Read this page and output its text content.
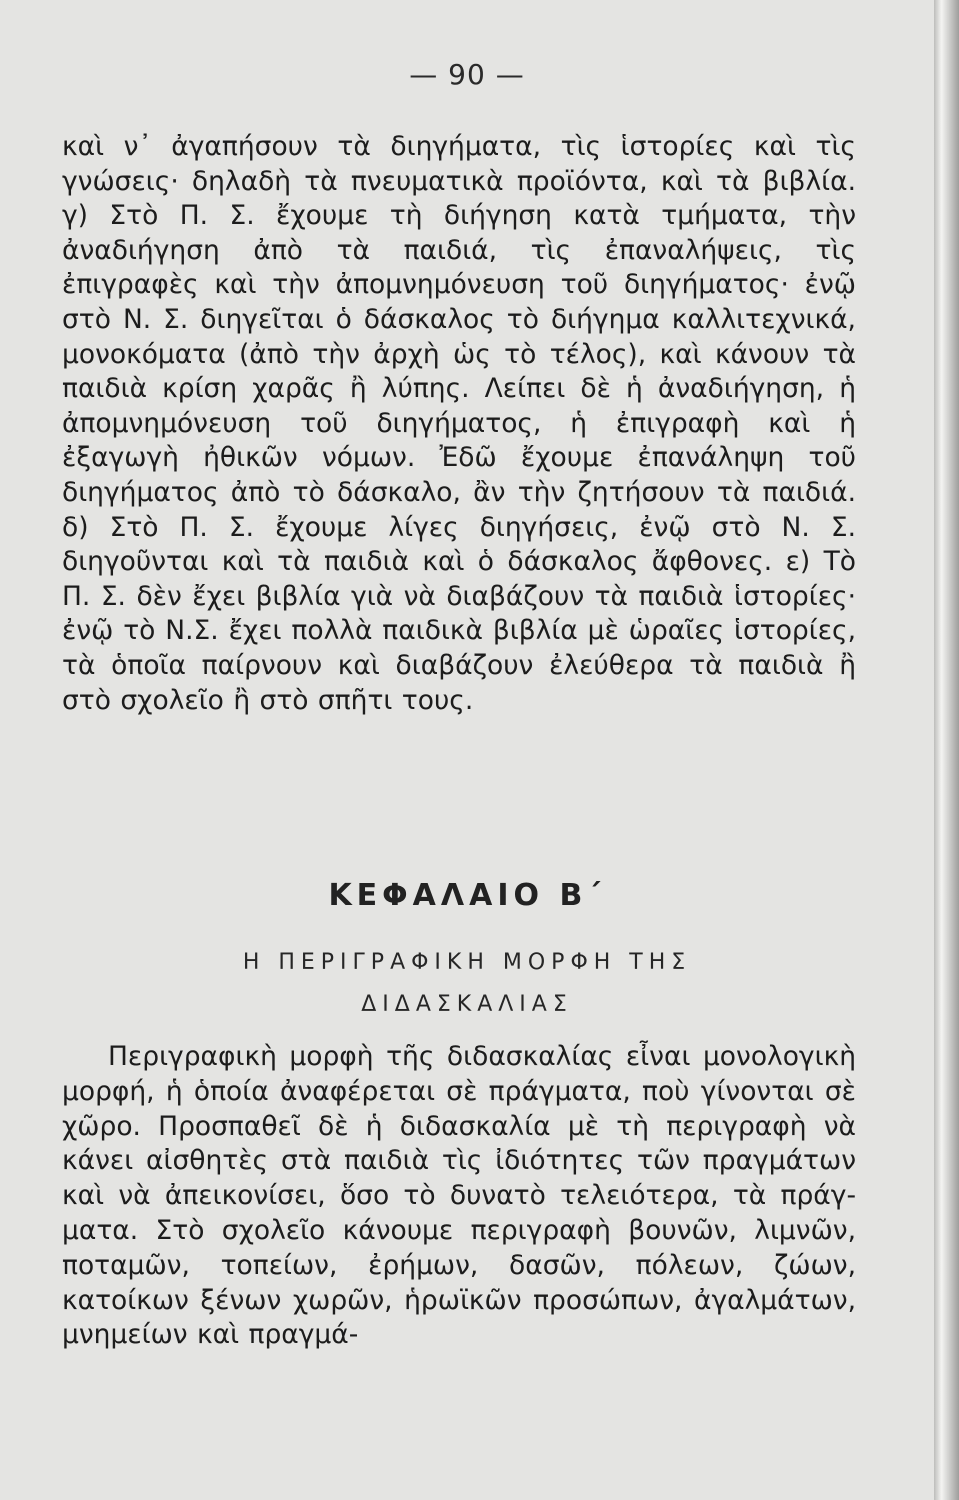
— 90 —

καὶ ν᾽ ἀγαπήσουν τὰ διηγήματα, τὶς ἱστορίες καὶ τὶς γνώσεις· δηλαδὴ τὰ πνευματικὰ προϊόντα, καὶ τὰ βιβλία. γ) Στὸ Π. Σ. ἔχουμε τὴ διήγηση κατὰ τμήματα, τὴν ἀναδιήγηση ἀπὸ τὰ παιδιά, τὶς ἐπαναλήψεις, τὶς ἐπιγραφὲς καὶ τὴν ἀπομνημόνευση τοῦ διηγήματος· ἐνῷ στὸ Ν. Σ. διηγεῖται ὁ δάσκαλος τὸ διήγημα καλλιτεχνικά, μονοκόματα (ἀπὸ τὴν ἀρχὴ ὡς τὸ τέλος), καὶ κάνουν τὰ παιδιὰ κρίση χαρᾶς ἢ λύπης. Λείπει δὲ ἡ ἀναδιήγηση, ἡ ἀπομνημόνευση τοῦ διηγήματος, ἡ ἐπιγραφὴ καὶ ἡ ἐξαγωγὴ ἠθικῶν νόμων. Ἐδῶ ἔχουμε ἐπανάληψη τοῦ διηγήματος ἀπὸ τὸ δάσκαλο, ἂν τὴν ζητήσουν τὰ παιδιά. δ) Στὸ Π. Σ. ἔχουμε λίγες διηγήσεις, ἐνῷ στὸ Ν. Σ. διηγοῦνται καὶ τὰ παιδιὰ καὶ ὁ δάσκαλος ἄφθονες. ε) Τὸ Π. Σ. δὲν ἔχει βιβλία γιὰ νὰ διαβάζουν τὰ παιδιὰ ἱστορίες· ἐνῷ τὸ Ν.Σ. ἔχει πολλὰ παιδικὰ βιβλία μὲ ὡραῖες ἱστορίες, τὰ ὁποῖα παίρνουν καὶ διαβάζουν ἐλεύθερα τὰ παιδιὰ ἢ στὸ σχολεῖο ἢ στὸ σπῆτι τους.

ΚΕΦΑΛΑΙΟ Β΄
Η ΠΕΡΙΓΡΑΦΙΚΗ ΜΟΡΦΗ ΤΗΣ
ΔΙΔΑΣΚΑΛΙΑΣ

Περιγραφικὴ μορφὴ τῆς διδασκαλίας εἶναι μονολογικὴ μορφή, ἡ ὁποία ἀναφέρεται σὲ πράγματα, ποὺ γίνονται σὲ χῶρο. Προσπαθεῖ δὲ ἡ διδασκαλία μὲ τὴ περιγραφὴ νὰ κάνει αἰσθητὲς στὰ παιδιὰ τὶς ἰδιότητες τῶν πραγμάτων καὶ νὰ ἀπεικονίσει, ὅσο τὸ δυνατὸ τελειότερα, τὰ πράγματα. Στὸ σχολεῖο κάνουμε περιγραφὴ βουνῶν, λιμνῶν, ποταμῶν, τοπείων, ἐρήμων, δασῶν, πόλεων, ζώων, κατοίκων ξένων χωρῶν, ἡρωϊκῶν προσώπων, ἀγαλμάτων, μνημείων καὶ πραγμά-
